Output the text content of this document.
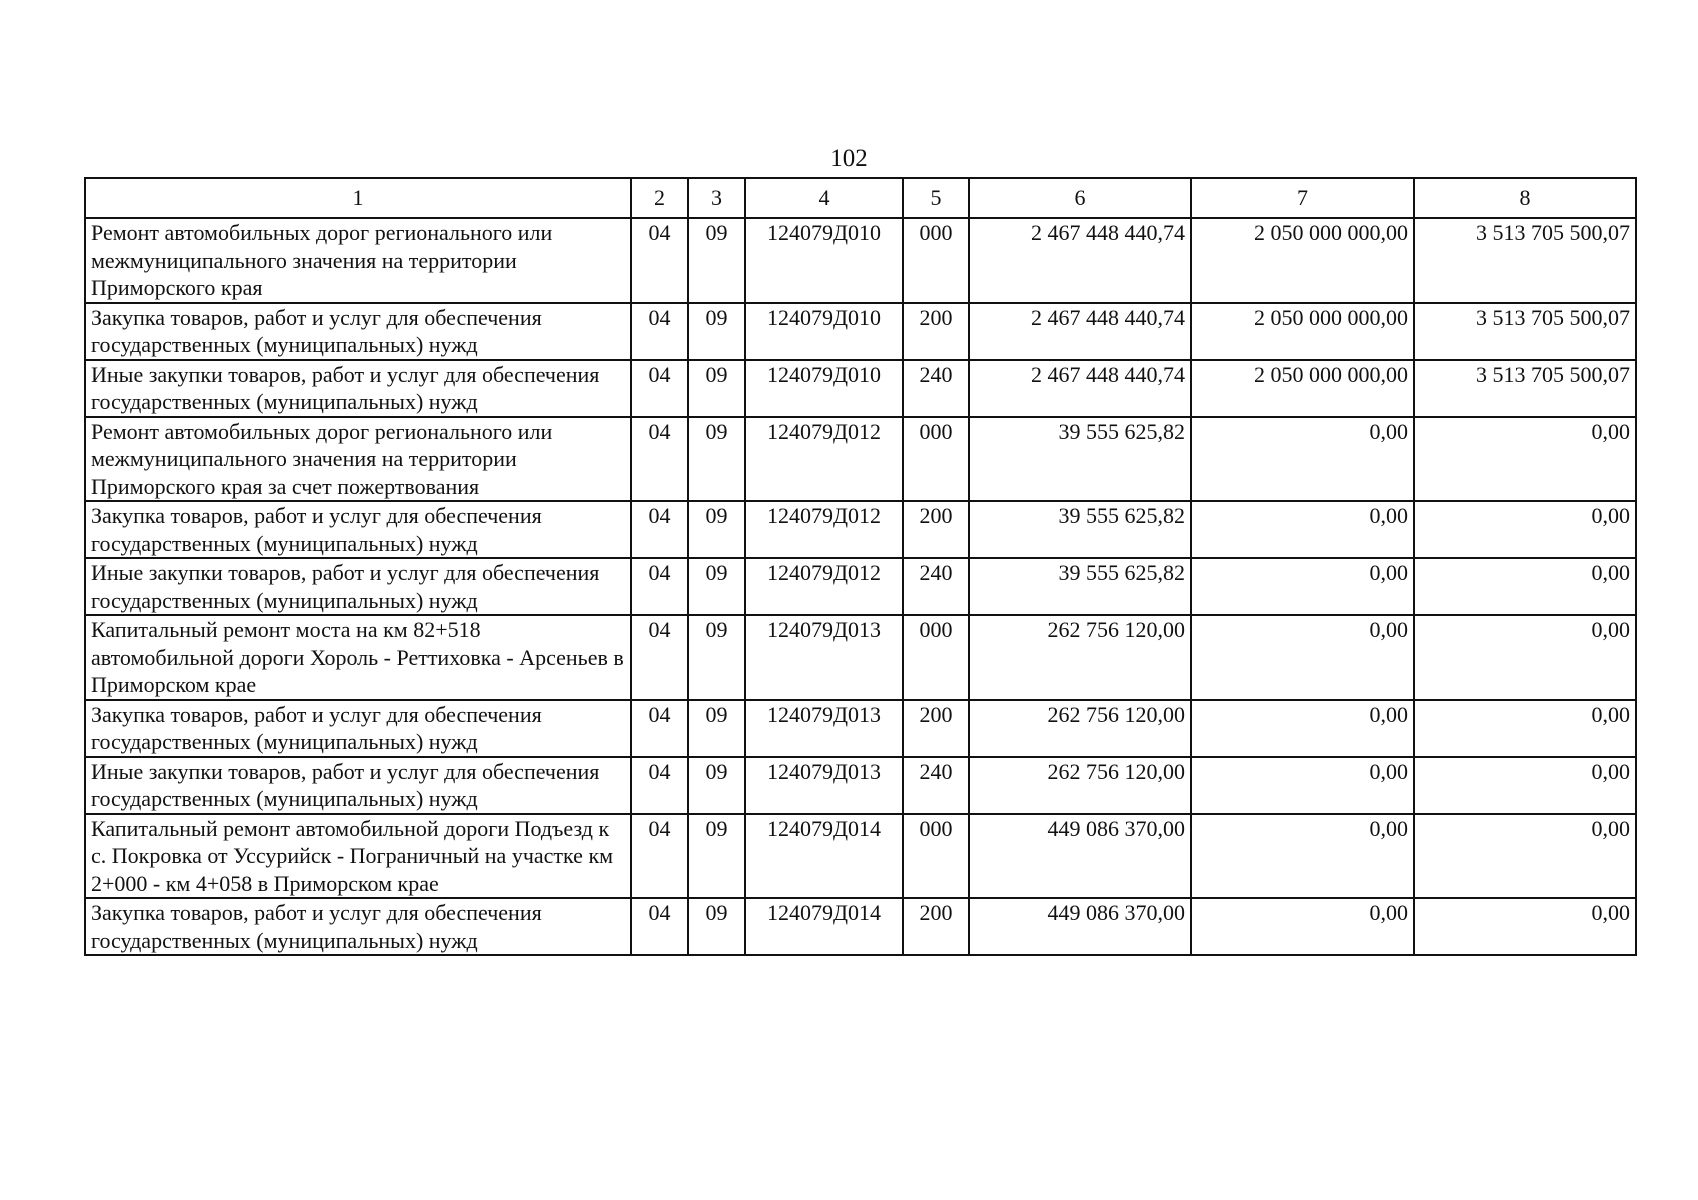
102
1	2	3	4	5	6	7	8
Ремонт автомобильных дорог регионального или межмуниципального значения на территории Приморского края	04	09	124079Д010	000	2 467 448 440,74	2 050 000 000,00	3 513 705 500,07
Закупка товаров, работ и услуг для обеспечения государственных (муниципальных) нужд	04	09	124079Д010	200	2 467 448 440,74	2 050 000 000,00	3 513 705 500,07
Иные закупки товаров, работ и услуг для обеспечения государственных (муниципальных) нужд	04	09	124079Д010	240	2 467 448 440,74	2 050 000 000,00	3 513 705 500,07
Ремонт автомобильных дорог регионального или межмуниципального значения на территории Приморского края за счет пожертвования	04	09	124079Д012	000	39 555 625,82	0,00	0,00
Закупка товаров, работ и услуг для обеспечения государственных (муниципальных) нужд	04	09	124079Д012	200	39 555 625,82	0,00	0,00
Иные закупки товаров, работ и услуг для обеспечения государственных (муниципальных) нужд	04	09	124079Д012	240	39 555 625,82	0,00	0,00
Капитальный ремонт моста на км 82+518 автомобильной дороги Хороль - Реттиховка - Арсеньев в Приморском крае	04	09	124079Д013	000	262 756 120,00	0,00	0,00
Закупка товаров, работ и услуг для обеспечения государственных (муниципальных) нужд	04	09	124079Д013	200	262 756 120,00	0,00	0,00
Иные закупки товаров, работ и услуг для обеспечения государственных (муниципальных) нужд	04	09	124079Д013	240	262 756 120,00	0,00	0,00
Капитальный ремонт автомобильной дороги Подъезд к с. Покровка от Уссурийск - Пограничный на участке км 2+000 - км 4+058 в Приморском крае	04	09	124079Д014	000	449 086 370,00	0,00	0,00
Закупка товаров, работ и услуг для обеспечения государственных (муниципальных) нужд	04	09	124079Д014	200	449 086 370,00	0,00	0,00
